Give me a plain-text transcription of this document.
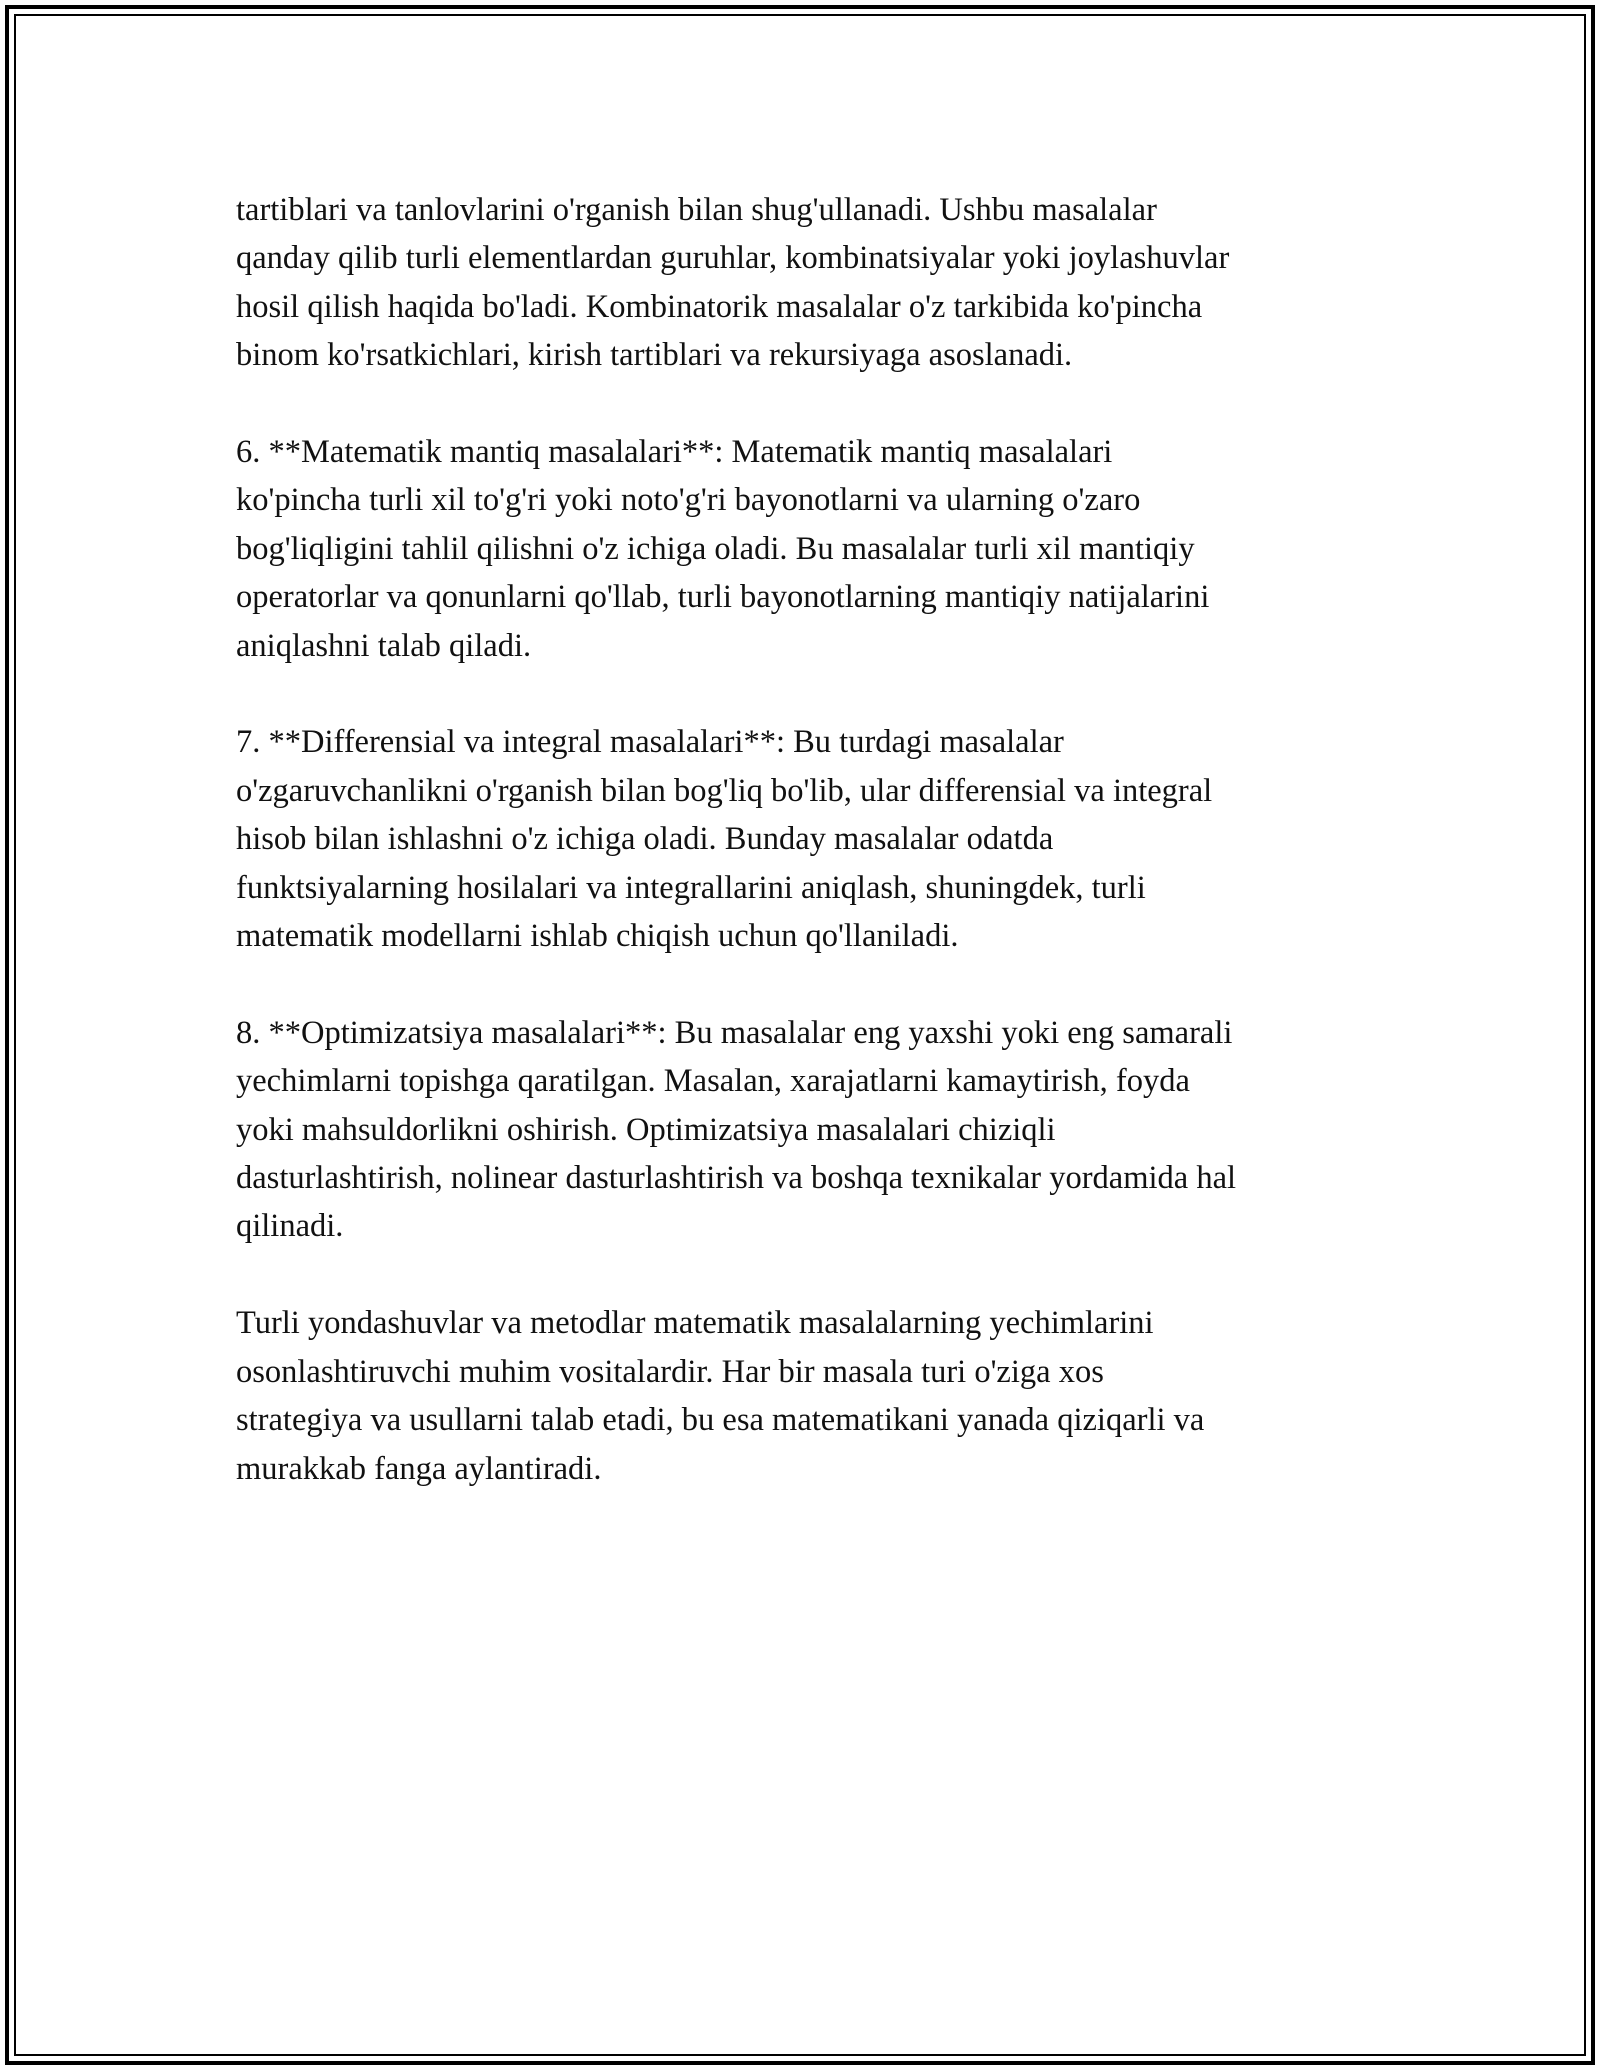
tartiblari va tanlovlarini o'rganish bilan shug'ullanadi. Ushbu masalalar
qanday qilib turli elementlardan guruhlar, kombinatsiyalar yoki joylashuvlar
hosil qilish haqida bo'ladi. Kombinatorik masalalar o'z tarkibida ko'pincha
binom ko'rsatkichlari, kirish tartiblari va rekursiyaga asoslanadi.

6. **Matematik mantiq masalalari**: Matematik mantiq masalalari
ko'pincha turli xil to'g'ri yoki noto'g'ri bayonotlarni va ularning o'zaro
bog'liqligini tahlil qilishni o'z ichiga oladi. Bu masalalar turli xil mantiqiy
operatorlar va qonunlarni qo'llab, turli bayonotlarning mantiqiy natijalarini
aniqlashni talab qiladi.

7. **Differensial va integral masalalari**: Bu turdagi masalalar
o'zgaruvchanlikni o'rganish bilan bog'liq bo'lib, ular differensial va integral
hisob bilan ishlashni o'z ichiga oladi. Bunday masalalar odatda
funktsiyalarning hosilalari va integrallarini aniqlash, shuningdek, turli
matematik modellarni ishlab chiqish uchun qo'llaniladi.

8. **Optimizatsiya masalalari**: Bu masalalar eng yaxshi yoki eng samarali
yechimlarni topishga qaratilgan. Masalan, xarajatlarni kamaytirish, foyda
yoki mahsuldorlikni oshirish. Optimizatsiya masalalari chiziqli
dasturlashtirish, nolinear dasturlashtirish va boshqa texnikalar yordamida hal
qilinadi.

Turli yondashuvlar va metodlar matematik masalalarning yechimlarini
osonlashtiruvchi muhim vositalardir. Har bir masala turi o'ziga xos
strategiya va usullarni talab etadi, bu esa matematikani yanada qiziqarli va
murakkab fanga aylantiradi.
